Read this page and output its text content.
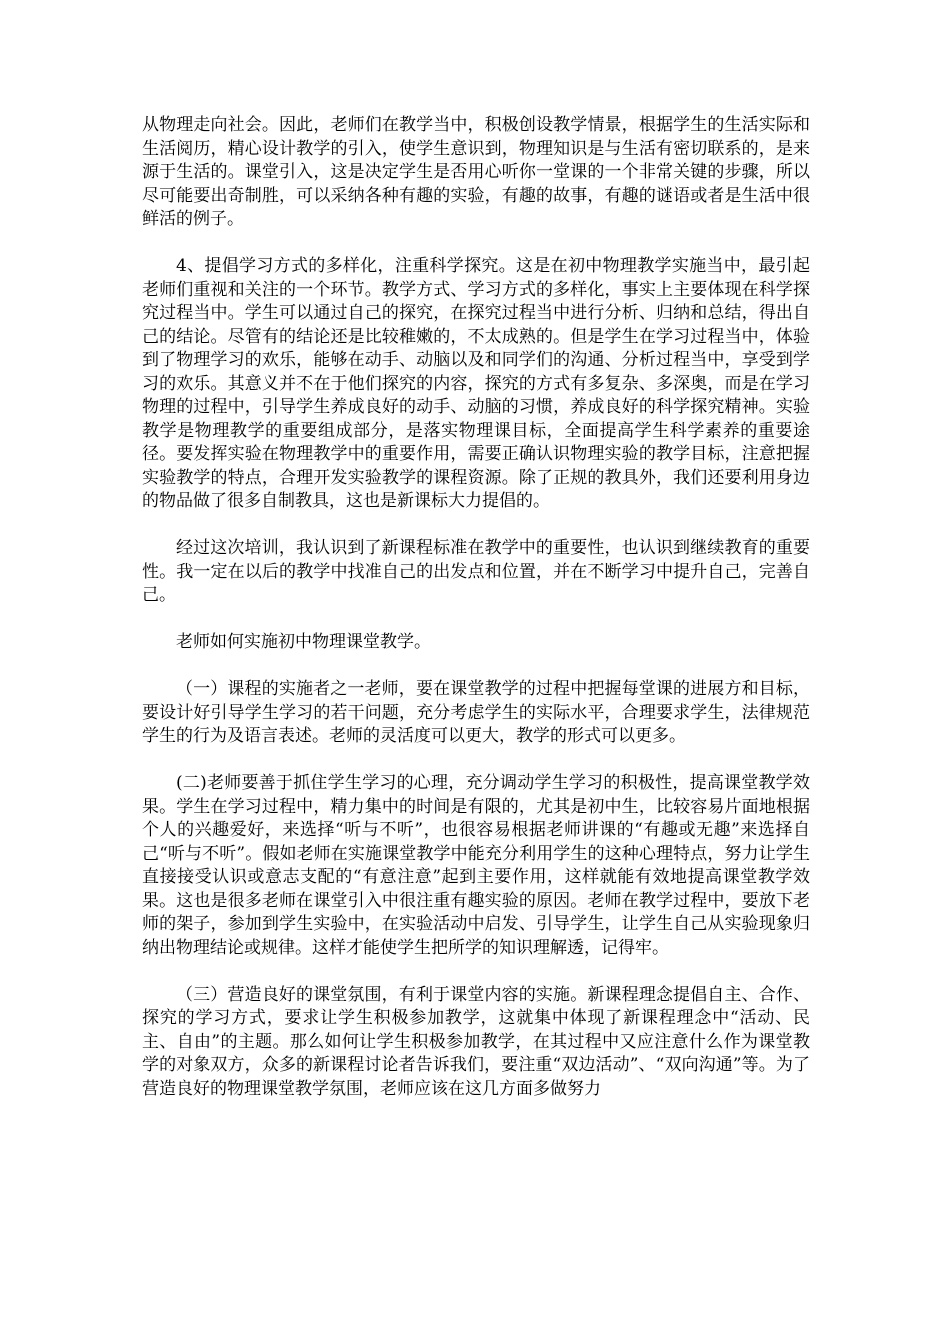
从物理走向社会。因此，老师们在教学当中，积极创设教学情景，根据学生的生活实际和生活阅历，精心设计教学的引入，使学生意识到，物理知识是与生活有密切联系的，是来源于生活的。课堂引入，这是决定学生是否用心听你一堂课的一个非常关键的步骤，所以尽可能要出奇制胜，可以采纳各种有趣的实验，有趣的故事，有趣的谜语或者是生活中很鲜活的例子。

4、提倡学习方式的多样化，注重科学探究。这是在初中物理教学实施当中，最引起老师们重视和关注的一个环节。教学方式、学习方式的多样化，事实上主要体现在科学探究过程当中。学生可以通过自己的探究，在探究过程当中进行分析、归纳和总结，得出自己的结论。尽管有的结论还是比较稚嫩的，不太成熟的。但是学生在学习过程当中，体验到了物理学习的欢乐，能够在动手、动脑以及和同学们的沟通、分析过程当中，享受到学习的欢乐。其意义并不在于他们探究的内容，探究的方式有多复杂、多深奥，而是在学习物理的过程中，引导学生养成良好的动手、动脑的习惯，养成良好的科学探究精神。实验教学是物理教学的重要组成部分，是落实物理课目标，全面提高学生科学素养的重要途径。要发挥实验在物理教学中的重要作用，需要正确认识物理实验的教学目标，注意把握实验教学的特点，合理开发实验教学的课程资源。除了正规的教具外，我们还要利用身边的物品做了很多自制教具，这也是新课标大力提倡的。

经过这次培训，我认识到了新课程标准在教学中的重要性，也认识到继续教育的重要性。我一定在以后的教学中找准自己的出发点和位置，并在不断学习中提升自己，完善自己。

老师如何实施初中物理课堂教学。

（一）课程的实施者之一老师，要在课堂教学的过程中把握每堂课的进展方和目标，要设计好引导学生学习的若干问题，充分考虑学生的实际水平，合理要求学生，法律规范学生的行为及语言表述。老师的灵活度可以更大，教学的形式可以更多。

(二)老师要善于抓住学生学习的心理，充分调动学生学习的积极性，提高课堂教学效果。学生在学习过程中，精力集中的时间是有限的，尤其是初中生，比较容易片面地根据个人的兴趣爱好，来选择“听与不听”，也很容易根据老师讲课的“有趣或无趣”来选择自己“听与不听”。假如老师在实施课堂教学中能充分利用学生的这种心理特点，努力让学生直接接受认识或意志支配的“有意注意”起到主要作用，这样就能有效地提高课堂教学效果。这也是很多老师在课堂引入中很注重有趣实验的原因。老师在教学过程中，要放下老师的架子，参加到学生实验中，在实验活动中启发、引导学生，让学生自己从实验现象归纳出物理结论或规律。这样才能使学生把所学的知识理解透，记得牢。

（三）营造良好的课堂氛围，有利于课堂内容的实施。新课程理念提倡自主、合作、探究的学习方式，要求让学生积极参加教学，这就集中体现了新课程理念中“活动、民主、自由”的主题。那么如何让学生积极参加教学，在其过程中又应注意什么作为课堂教学的对象双方，众多的新课程讨论者告诉我们，要注重“双边活动”、“双向沟通”等。为了营造良好的物理课堂教学氛围，老师应该在这几方面多做努力
